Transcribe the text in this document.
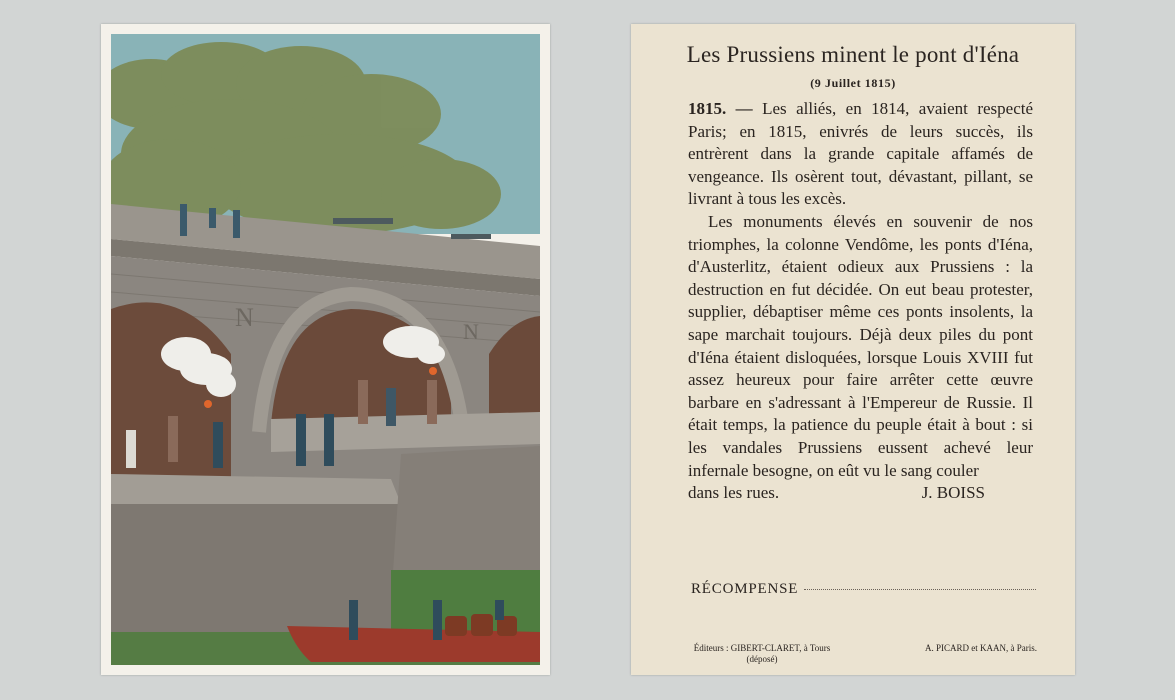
N	N
Les Prussiens minent le pont d'Iéna
(9 Juillet 1815)

1815. — Les alliés, en 1814, avaient respecté Paris; en 1815, enivrés de leurs succès, ils entrèrent dans la grande capitale affamés de vengeance. Ils osèrent tout, dévastant, pillant, se livrant à tous les excès.

Les monuments élevés en souvenir de nos triomphes, la colonne Vendôme, les ponts d'Iéna, d'Austerlitz, étaient odieux aux Prussiens : la destruction en fut décidée. On eut beau protester, supplier, débaptiser même ces ponts insolents, la sape marchait toujours. Déjà deux piles du pont d'Iéna étaient disloquées, lorsque Louis XVIII fut assez heureux pour faire arrêter cette œuvre barbare en s'adressant à l'Empereur de Russie. Il était temps, la patience du peuple était à bout : si les vandales Prussiens eussent achevé leur infernale besogne, on eût vu le sang couler

dans les rues.	J. BOISS

RÉCOMPENSE
Éditeurs : GIBERT-CLARET, à Tours
(déposé)
A. PICARD et KAAN, à Paris.
